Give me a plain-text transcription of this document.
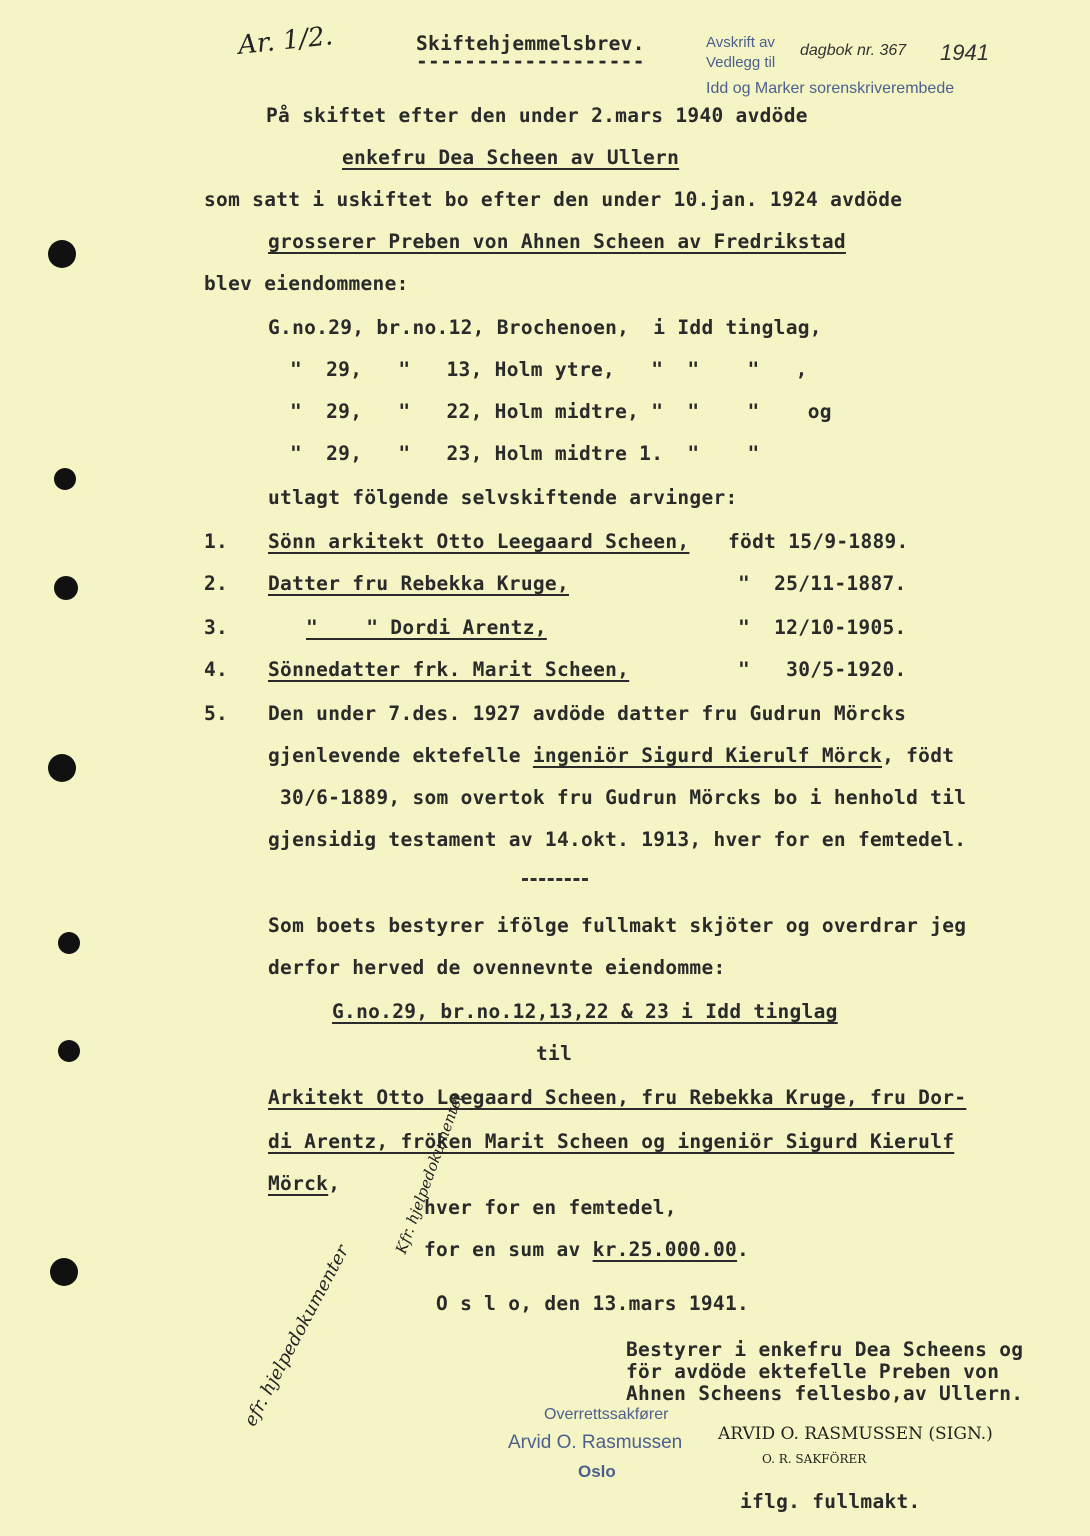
Ar. 1/2.	Skiftehjemmelsbrev.
-------------------
Avskrift av
Vedlegg til
dagbok nr. 367 1941
Idd og Marker sorenskriverembede
På skiftet efter den under 2.mars 1940 avdöde
enkefru Dea Scheen av Ullern
som satt i uskiftet bo efter den under 10.jan. 1924 avdöde
grosserer Preben von Ahnen Scheen av Fredrikstad
blev eiendommene:
G.no.29, br.no.12, Brochenoen,  i Idd tinglag,
"  29,   "   13, Holm ytre,   "  "    "   ,
"  29,   "   22, Holm midtre, "  "    "    og
"  29,   "   23, Holm midtre 1.  "    "
utlagt fölgende selvskiftende arvinger:
1. Sönn arkitekt Otto Leegaard Scheen, födt 15/9-1889.
2. Datter fru Rebekka Kruge,	"  25/11-1887.
3.	"    " Dordi Arentz,	"  12/10-1905.
4. Sönnedatter frk. Marit Scheen,	"   30/5-1920.
5. Den under 7.des. 1927 avdöde datter fru Gudrun Mörcks
gjenlevende ektefelle ingeniör Sigurd Kierulf Mörck, födt
30/6-1889, som overtok fru Gudrun Mörcks bo i henhold til
gjensidig testament av 14.okt. 1913, hver for en femtedel.
Som boets bestyrer ifölge fullmakt skjöter og overdrar jeg
derfor herved de ovennevnte eiendomme:
G.no.29, br.no.12,13,22 & 23 i Idd tinglag
til
Arkitekt Otto Leegaard Scheen, fru Rebekka Kruge, fru Dor-
di Arentz, fröken Marit Scheen og ingeniör Sigurd Kierulf
Mörck,
hver for en femtedel,
for en sum av kr.25.000.00.
O s l o, den 13.mars 1941.
Bestyrer i enkefru Dea Scheens og
för avdöde ektefelle Preben von
Ahnen Scheens fellesbo,av Ullern.
Overrettssakfører
Arvid O. Rasmussen
Oslo
ARVID O. RASMUSSEN (SIGN.)
O. R. SAKFÖRER
iflg. fullmakt.
Kfr. hjelpedokumentet
efr. hjelpedokumenter
